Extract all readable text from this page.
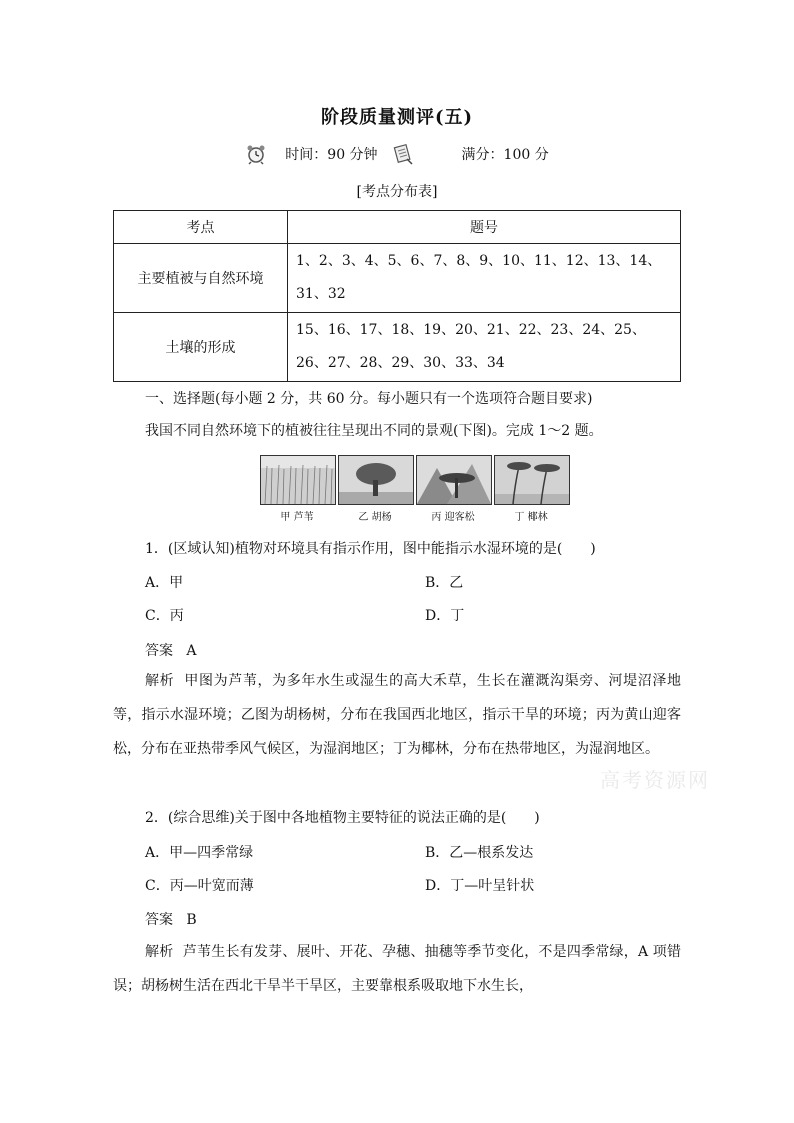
阶段质量测评(五)
时间：90 分钟	满分：100 分
[考点分布表]
考点	题号
主要植被与自然环境	1、2、3、4、5、6、7、8、9、10、11、12、13、14、31、32
土壤的形成	15、16、17、18、19、20、21、22、23、24、25、26、27、28、29、30、33、34
一、选择题(每小题 2 分，共 60 分。每小题只有一个选项符合题目要求)
我国不同自然环境下的植被往往呈现出不同的景观(下图)。完成 1～2 题。
甲 芦苇	乙 胡杨	丙 迎客松	丁 椰林
1．(区域认知)植物对环境具有指示作用，图中能指示水湿环境的是(　　)
A．甲	B．乙
C．丙	D．丁
答案 A
解析 甲图为芦苇，为多年水生或湿生的高大禾草，生长在灌溉沟渠旁、河堤沼泽地等，指示水湿环境；乙图为胡杨树，分布在我国西北地区，指示干旱的环境；丙为黄山迎客松，分布在亚热带季风气候区，为湿润地区；丁为椰林，分布在热带地区，为湿润地区。
2．(综合思维)关于图中各地植物主要特征的说法正确的是(　　)
A．甲—四季常绿	B．乙—根系发达
C．丙—叶宽而薄	D．丁—叶呈针状
答案 B
解析 芦苇生长有发芽、展叶、开花、孕穗、抽穗等季节变化，不是四季常绿，A 项错误；胡杨树生活在西北干旱半干旱区，主要靠根系吸取地下水生长，
高考资源网
